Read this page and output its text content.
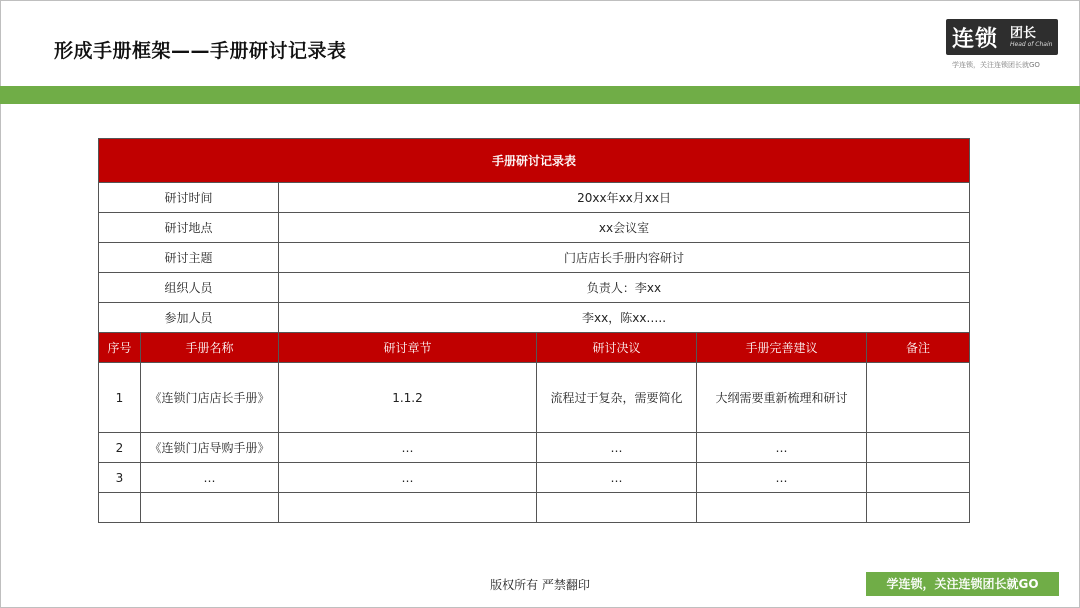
形成手册框架——手册研讨记录表	连锁 团长
Head of Chain
学连锁，关注连锁团长就GO
手册研讨记录表					
研讨时间		20xx年xx月xx日			
研讨地点		xx会议室			
研讨主题		门店店长手册内容研讨			
组织人员		负责人：李xx			
参加人员		李xx，陈xx…..			
序号	手册名称	研讨章节	研讨决议	手册完善建议	备注
1	《连锁门店店长手册》	1.1.2	流程过于复杂，需要简化	大纲需要重新梳理和研讨	
2	《连锁门店导购手册》	…	…	…	
3	…	…	…	…	

版权所有 严禁翻印	学连锁，关注连锁团长就GO
